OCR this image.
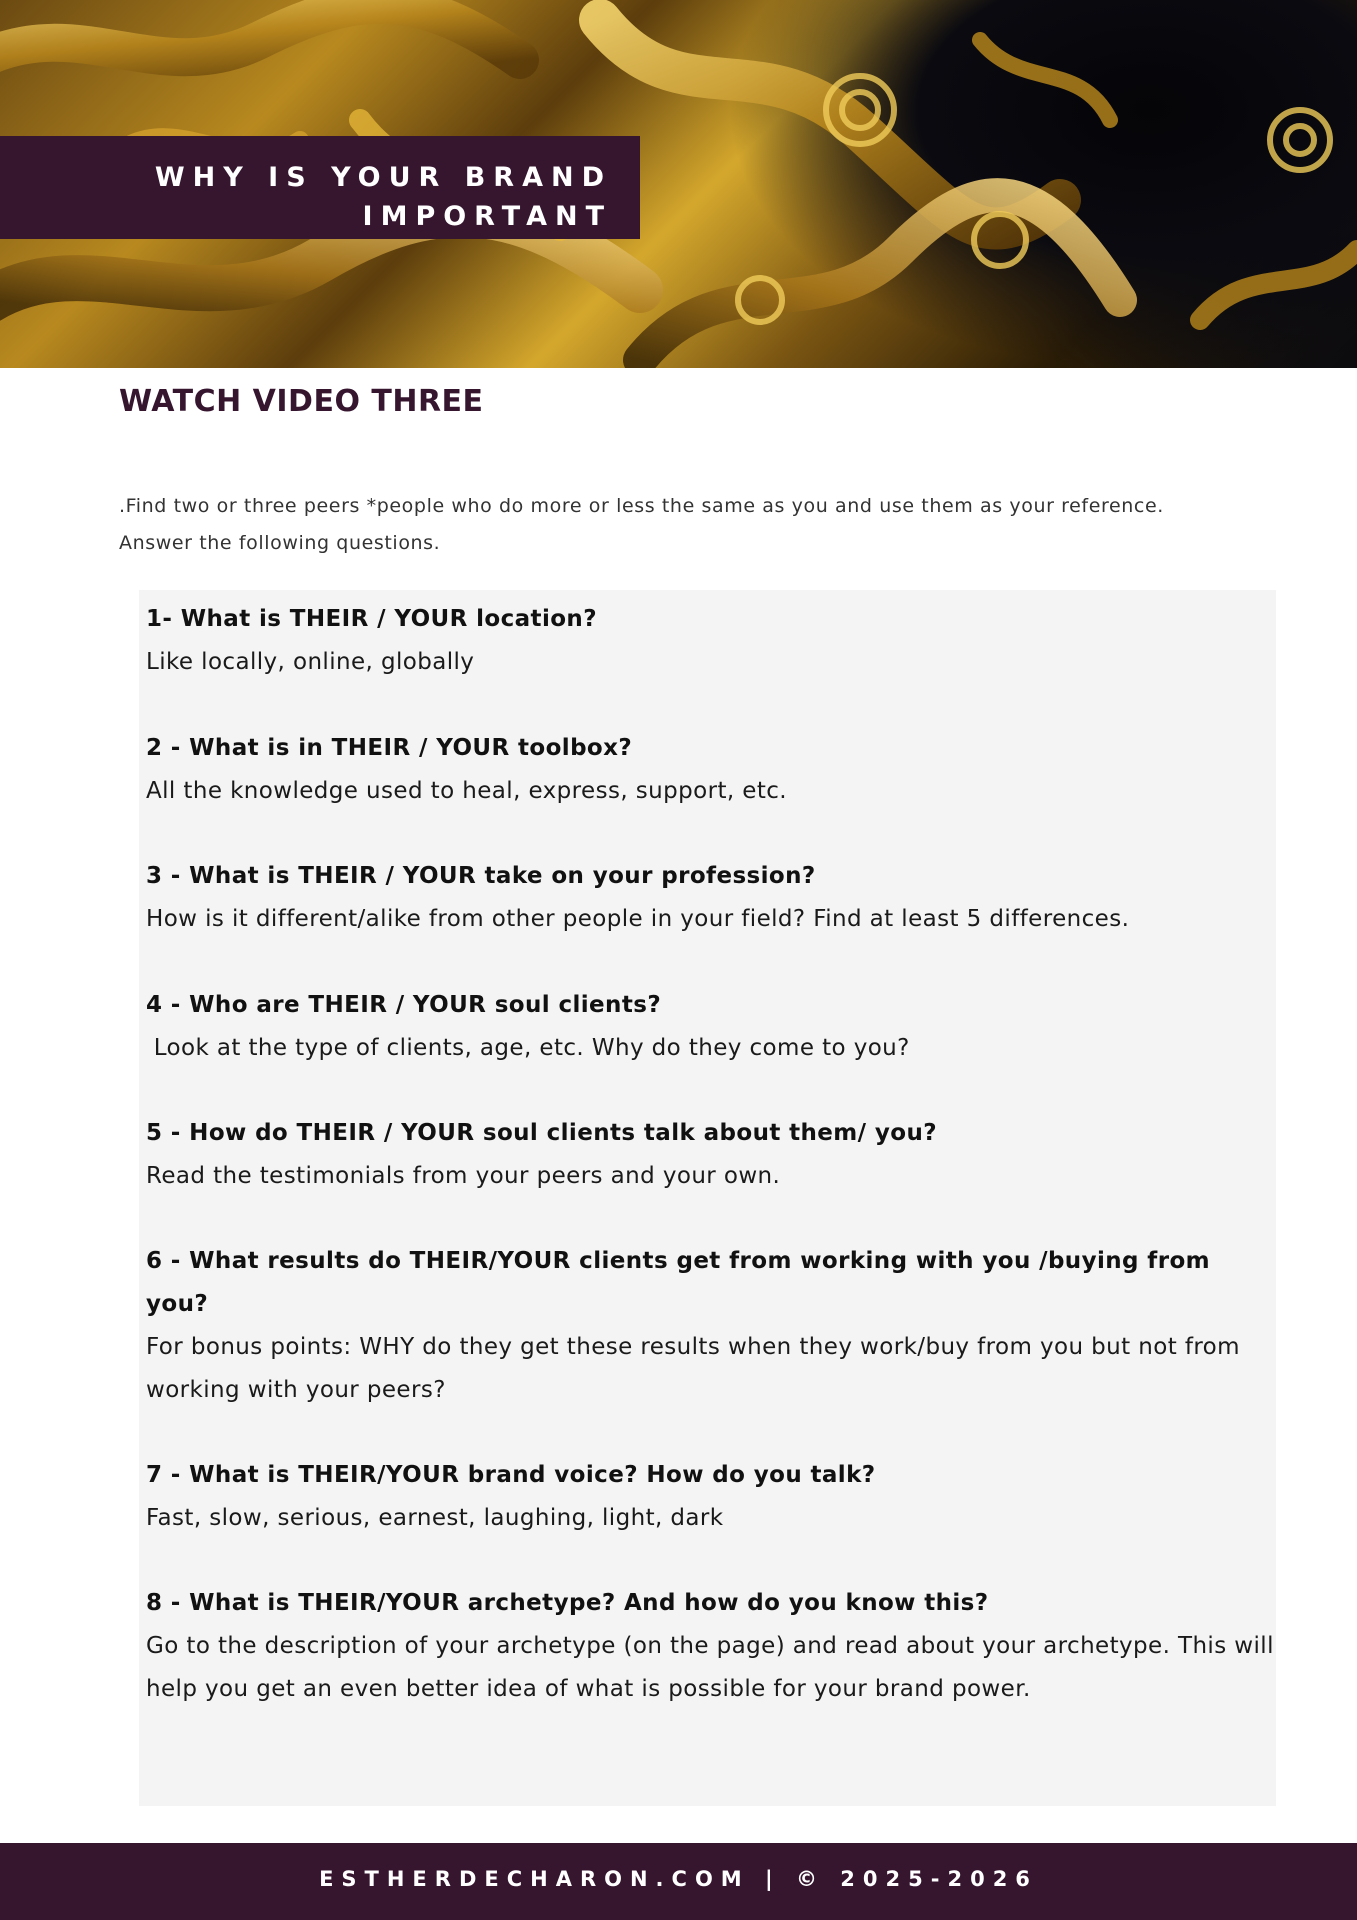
WHY IS YOUR BRAND
IMPORTANT
WATCH VIDEO THREE
.Find two or three peers *people who do more or less the same as you and use them as your reference.
Answer the following questions.
1- What is THEIR / YOUR location?
Like locally, online, globally
2 - What is in THEIR / YOUR toolbox?
All the knowledge used to heal, express, support, etc.
3 - What is THEIR / YOUR take on your profession?
How is it different/alike from other people in your field? Find at least 5 differences.
4 - Who are THEIR / YOUR soul clients?
Look at the type of clients, age, etc. Why do they come to you?
5 - How do THEIR / YOUR soul clients talk about them/ you?
Read the testimonials from your peers and your own.
6 - What results do THEIR/YOUR clients get from working with you /buying from you?
For bonus points: WHY do they get these results when they work/buy from you but not from working with your peers?
7 - What is THEIR/YOUR brand voice? How do you talk?
Fast, slow, serious, earnest, laughing, light, dark
8 - What is THEIR/YOUR archetype? And how do you know this?
Go to the description of your archetype (on the page) and read about your archetype. This will help you get an even better idea of what is possible for your brand power.
ESTHERDECHARON.COM | © 2025-2026
